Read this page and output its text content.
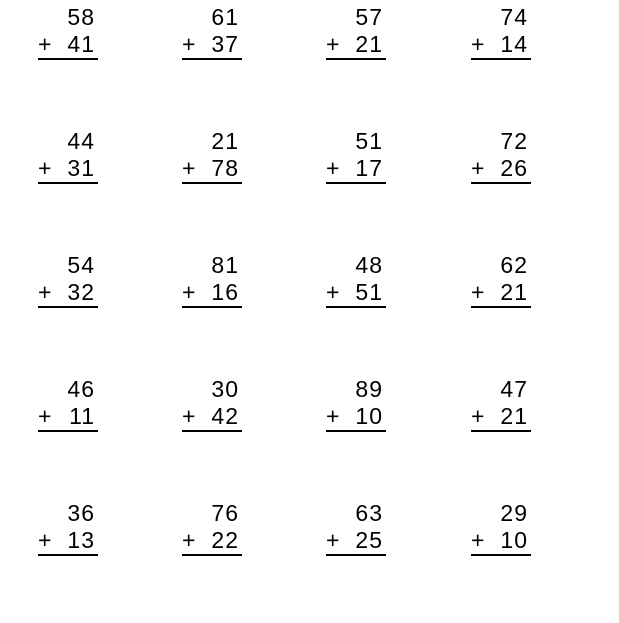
58
+ 41
61
+ 37
57
+ 21
74
+ 14
44
+ 31
21
+ 78
51
+ 17
72
+ 26
54
+ 32
81
+ 16
48
+ 51
62
+ 21
46
+ 11
30
+ 42
89
+ 10
47
+ 21
36
+ 13
76
+ 22
63
+ 25
29
+ 10
